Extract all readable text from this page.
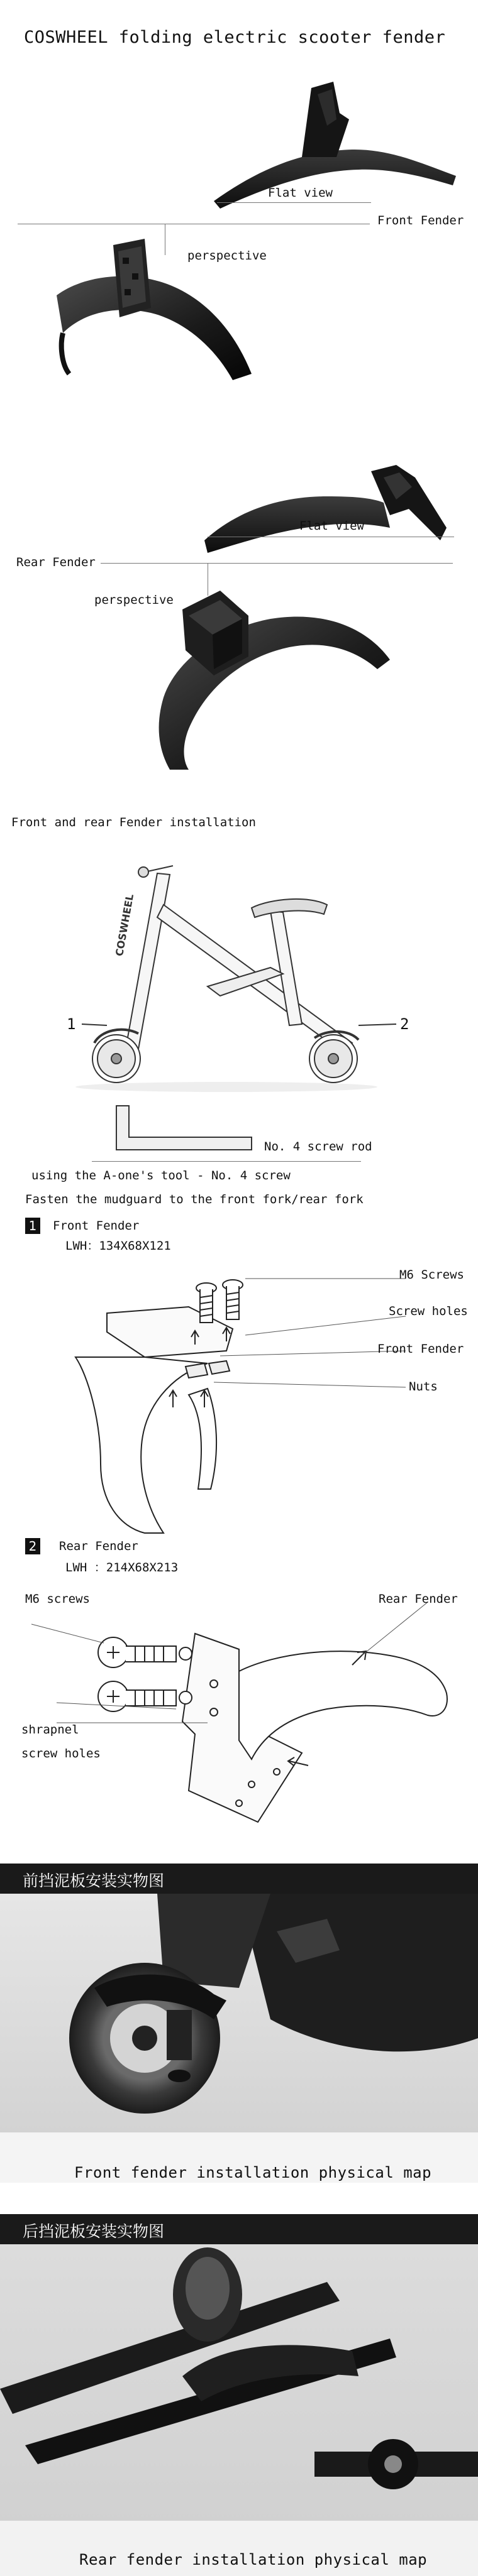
COSWHEEL folding electric scooter fender
Flat view
Front Fender
perspective
Flat view
Rear Fender
perspective
Front and rear Fender installation
COSWHEEL
1	2
No. 4 screw rod
using the A-one's tool - No. 4 screw
Fasten the mudguard to the front fork/rear fork
1 Front Fender
LWH：134X68X121
M6 Screws
Screw holes
Front Fender
Nuts
2 Rear Fender
LWH ：214X68X213
M6 screws	Rear Fender
shrapnel
screw holes
前挡泥板安装实物图
Front fender installation physical map
后挡泥板安装实物图
Rear fender installation physical map
